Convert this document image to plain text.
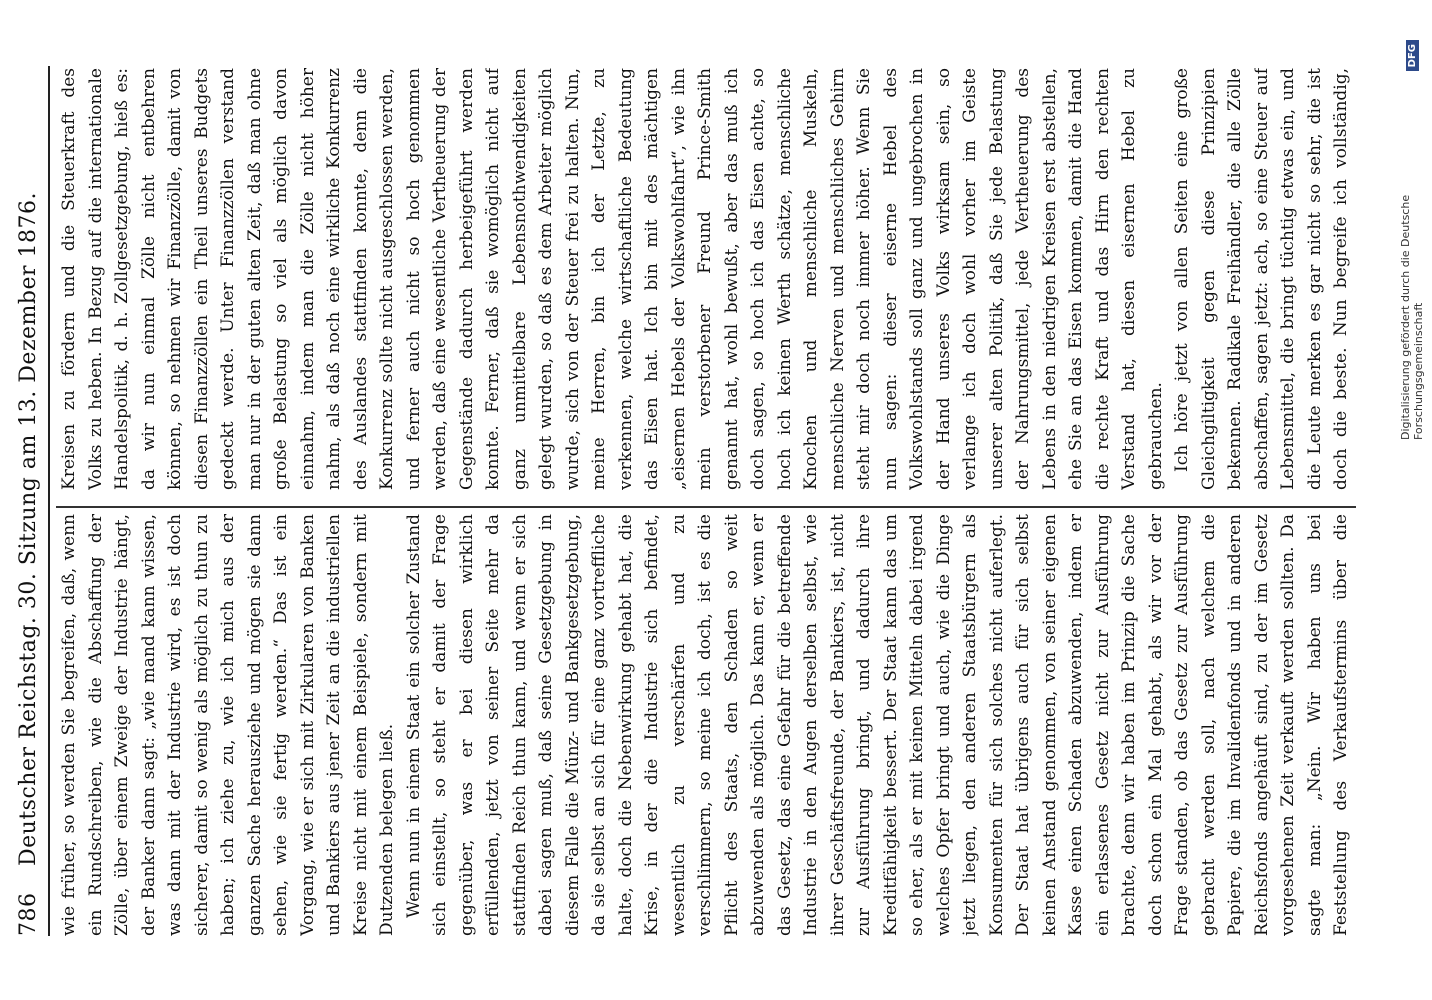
786
Deutscher Reichstag. 30. Sitzung am 13. Dezember 1876. wie früher, so werden Sie begreifen, daß, wenn ein Rundschreiben, wie die Abschaffung der Zölle, über einem Zweige der Industrie hängt, der Banker dann sagt: „wie mand kann wissen, was dann mit der Industrie wird, es ist doch sicherer, damit so wenig als möglich zu thun zu haben; ich ziehe zu, wie ich mich aus der ganzen Sache herausziehe und mögen sie dann sehen, wie sie fertig werden.“ Das ist ein Vorgang, wie er sich mit Zirkularen von Banken und Bankiers aus jener Zeit an die industriellen Kreise nicht mit einem Beispiele, sondern mit Dutzenden belegen ließ. Wenn nun in einem Staat ein solcher Zustand sich einstellt, so steht er damit der Frage gegenüber, was er bei diesen wirklich erfüllenden, jetzt von seiner Seite mehr da stattfinden Reich thun kann, und wenn er sich dabei sagen muß, daß seine Gesetzgebung in diesem Falle die Münz- und Bankgesetzgebung, da sie selbst an sich für eine ganz vortreffliche halte, doch die Nebenwirkung gehabt hat, die Krise, in der die Industrie sich befindet, wesentlich zu verschärfen und zu verschlimmern, so meine ich doch, ist es die Pflicht des Staats, den Schaden so weit abzuwenden als möglich. Das kann er, wenn er das Gesetz, das eine Gefahr für die betreffende Industrie in den Augen derselben selbst, wie ihrer Geschäftsfreunde, der Bankiers, ist, nicht zur Ausführung bringt, und dadurch ihre Kreditfähigkeit bessert. Der Staat kann das um so eher, als er mit keinen Mitteln dabei irgend welches Opfer bringt und auch, wie die Dinge jetzt liegen, den anderen Staatsbürgern als Konsumenten für sich solches nicht auferlegt. Der Staat hat übrigens auch für sich selbst keinen Anstand genommen, von seiner eigenen Kasse einen Schaden abzuwenden, indem er ein erlassenes Gesetz nicht zur Ausführung brachte, denn wir haben im Prinzip die Sache doch schon ein Mal gehabt, als wir vor der Frage standen, ob das Gesetz zur Ausführung gebracht werden soll, nach welchem die Papiere, die im Invalidenfonds und in anderen Reichsfonds angehäuft sind, zu der im Gesetz vorgesehenen Zeit verkauft werden sollten. Da sagte man: „Nein. Wir haben uns bei Feststellung des Verkaufstermins über die

Kreisen zu fördern und die Steuerkraft des Volks zu heben. In Bezug auf die internationale Handelspolitik, d. h. Zollgesetzgebung, hieß es: da wir nun einmal Zölle nicht entbehren können, so nehmen wir Finanzzölle, damit von diesen Finanzzöllen ein Theil unseres Budgets gedeckt werde. Unter Finanzzöllen verstand man nur in der guten alten Zeit, daß man ohne große Belastung so viel als möglich davon einnahm, indem man die Zölle nicht höher nahm, als daß noch eine wirkliche Konkurrenz des Auslandes stattfinden konnte, denn die Konkurrenz sollte nicht ausgeschlossen werden, und ferner auch nicht so hoch genommen werden, daß eine wesentliche Vertheuerung der Gegenstände dadurch herbeigeführt werden konnte. Ferner, daß sie womöglich nicht auf ganz unmittelbare Lebensnothwendigkeiten gelegt wurden, so daß es dem Arbeiter möglich wurde, sich von der Steuer frei zu halten. Nun, meine Herren, bin ich der Letzte, zu verkennen, welche wirtschaftliche Bedeutung das Eisen hat. Ich bin mit des mächtigen „eisernen Hebels der Volkswohlfahrt“, wie ihn mein verstorbener Freund Prince-Smith genannt hat, wohl bewußt, aber das muß ich doch sagen, so hoch ich das Eisen achte, so hoch ich keinen Werth schätze, menschliche Knochen und menschliche Muskeln, menschliche Nerven und menschliches Gehirn steht mir doch noch immer höher. Wenn Sie nun sagen: dieser eiserne Hebel des Volkswohlstands soll ganz und ungebrochen in der Hand unseres Volks wirksam sein, so verlange ich doch wohl vorher im Geiste unserer alten Politik, daß Sie jede Belastung der Nahrungsmittel, jede Vertheuerung des Lebens in den niedrigen Kreisen erst abstellen, ehe Sie an das Eisen kommen, damit die Hand die rechte Kraft und das Hirn den rechten Verstand hat, diesen eisernen Hebel zu gebrauchen. Ich höre jetzt von allen Seiten eine große Gleichgiltigkeit gegen diese Prinzipien bekennen. Radikale Freihändler, die alle Zölle abschaffen, sagen jetzt: ach, so eine Steuer auf Lebensmittel, die bringt tüchtig etwas ein, und die Leute merken es gar nicht so sehr, die ist doch die beste. Nun begreife ich vollständig,

Digitalisierung gefördert durch die Deutsche Forschungsgemeinschaft
DFG
